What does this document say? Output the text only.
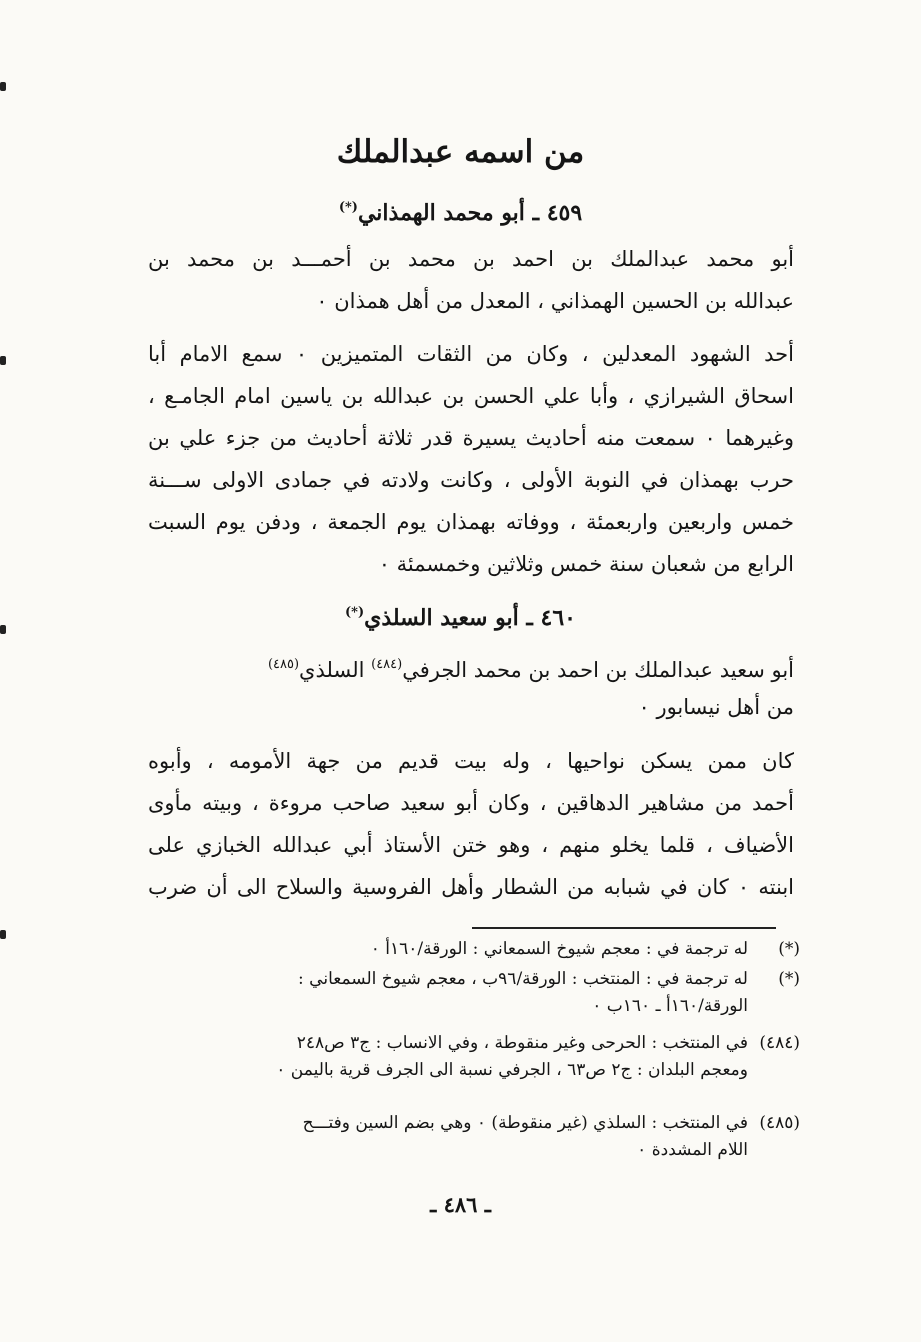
من اسمه عبدالملك
٤٥٩ ـ أبو محمد الهمذاني(*)
أبو محمد عبدالملك بن احمد بن محمد بن أحمـــد بن محمد بن
عبدالله بن الحسين الهمذاني ، المعدل من أهل همذان ٠
أحد الشهود المعدلين ، وكان من الثقات المتميزين ٠ سمع الامام أبا
اسحاق الشيرازي ، وأبا علي الحسن بن عبدالله بن ياسين امام الجامـع ،
وغيرهما ٠ سمعت منه أحاديث يسيرة قدر ثلاثة أحاديث من جزء علي بن
حرب بهمذان في النوبة الأولى ، وكانت ولادته في جمادى الاولى ســـنة
خمس واربعين واربعمئة ، ووفاته بهمذان يوم الجمعة ، ودفن يوم السبت
الرابع من شعبان سنة خمس وثلاثين وخمسمئة ٠
٤٦٠ ـ أبو سعيد السلذي(*)
أبو سعيد عبدالملك بن احمد بن محمد الجرفي$^{(٤٨٤)}$ السلذي$^{(٤٨٥)}$
من أهل نيسابور ٠
كان ممن يسكن نواحيها ، وله بيت قديم من جهة الأمومه ، وأبوه
أحمد من مشاهير الدهاقين ، وكان أبو سعيد صاحب مروءة ، وبيته مأوى
الأضياف ، قلما يخلو منهم ، وهو ختن الأستاذ أبي عبدالله الخبازي على
ابنته ٠ كان في شبابه من الشطار وأهل الفروسية والسلاح الى أن ضرب
(*)له ترجمة في : معجم شيوخ السمعاني : الورقة/١٦٠أ ٠
(*)له ترجمة في : المنتخب : الورقة/٩٦ب ، معجم شيوخ السمعاني :
الورقة/١٦٠أ ـ ١٦٠ب ٠
(٤٨٤)في المنتخب : الحرحى وغير منقوطة ، وفي الانساب : ج٣ ص٢٤٨
ومعجم البلدان : ج٢ ص٦٣ ، الجرفي نسبة الى الجرف قرية باليمن ٠
(٤٨٥)في المنتخب : السلذي (غير منقوطة) ٠ وهي بضم السين وفتـــح
اللام المشددة ٠
ـ ٤٨٦ ـ
